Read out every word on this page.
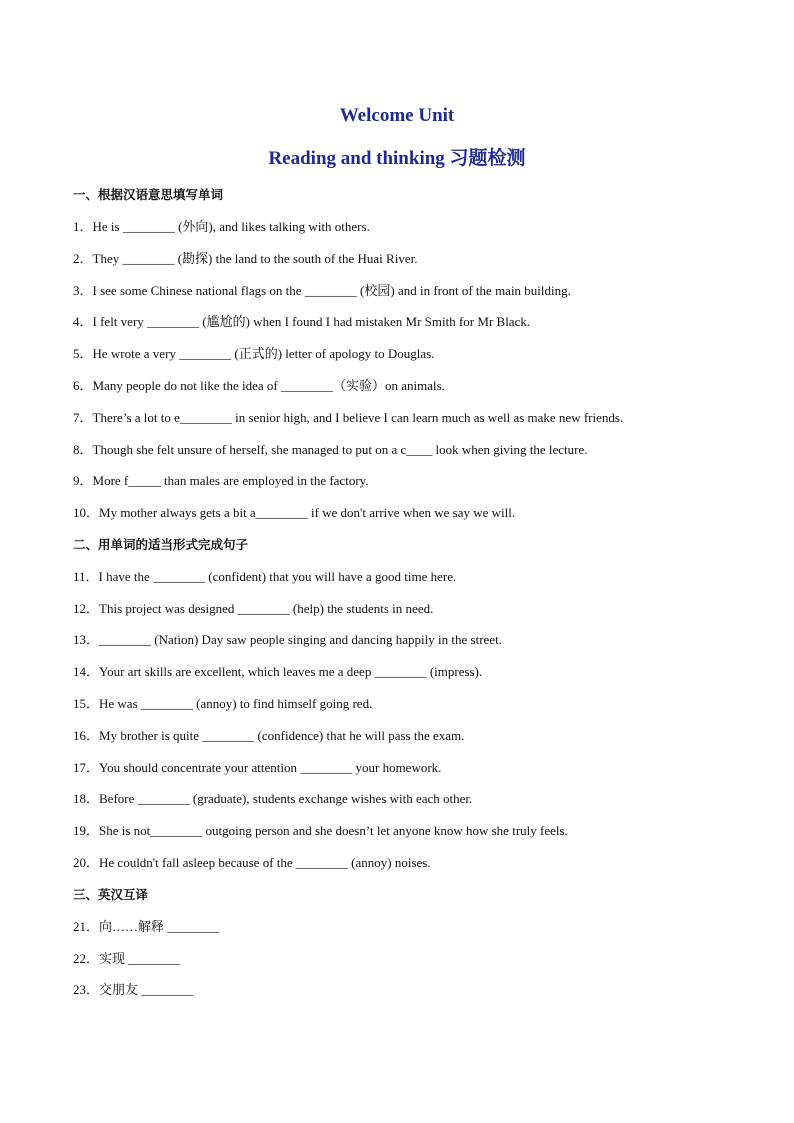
Welcome Unit
Reading and thinking 习题检测
一、根据汉语意思填写单词
1．He is ________ (外向), and likes talking with others.
2．They ________ (勘探) the land to the south of the Huai River.
3．I see some Chinese national flags on the ________ (校园) and in front of the main building.
4．I felt very ________ (尴尬的) when I found I had mistaken Mr Smith for Mr Black.
5．He wrote a very ________ (正式的) letter of apology to Douglas.
6．Many people do not like the idea of ________（实验）on animals.
7．There’s a lot to e________ in senior high, and I believe I can learn much as well as make new friends.
8．Though she felt unsure of herself, she managed to put on a c____ look when giving the lecture.
9．More f_____ than males are employed in the factory.
10．My mother always gets a bit a________ if we don't arrive when we say we will.
二、用单词的适当形式完成句子
11．I have the ________ (confident) that you will have a good time here.
12．This project was designed ________ (help) the students in need.
13．________ (Nation) Day saw people singing and dancing happily in the street.
14．Your art skills are excellent, which leaves me a deep ________ (impress).
15．He was ________ (annoy) to find himself going red.
16．My brother is quite ________ (confidence) that he will pass the exam.
17．You should concentrate your attention ________ your homework.
18．Before ________ (graduate), students exchange wishes with each other.
19．She is not________ outgoing person and she doesn’t let anyone know how she truly feels.
20．He couldn't fall asleep because of the ________ (annoy) noises.
三、英汉互译
21．向……解释 ________
22．实现 ________
23．交朋友 ________
